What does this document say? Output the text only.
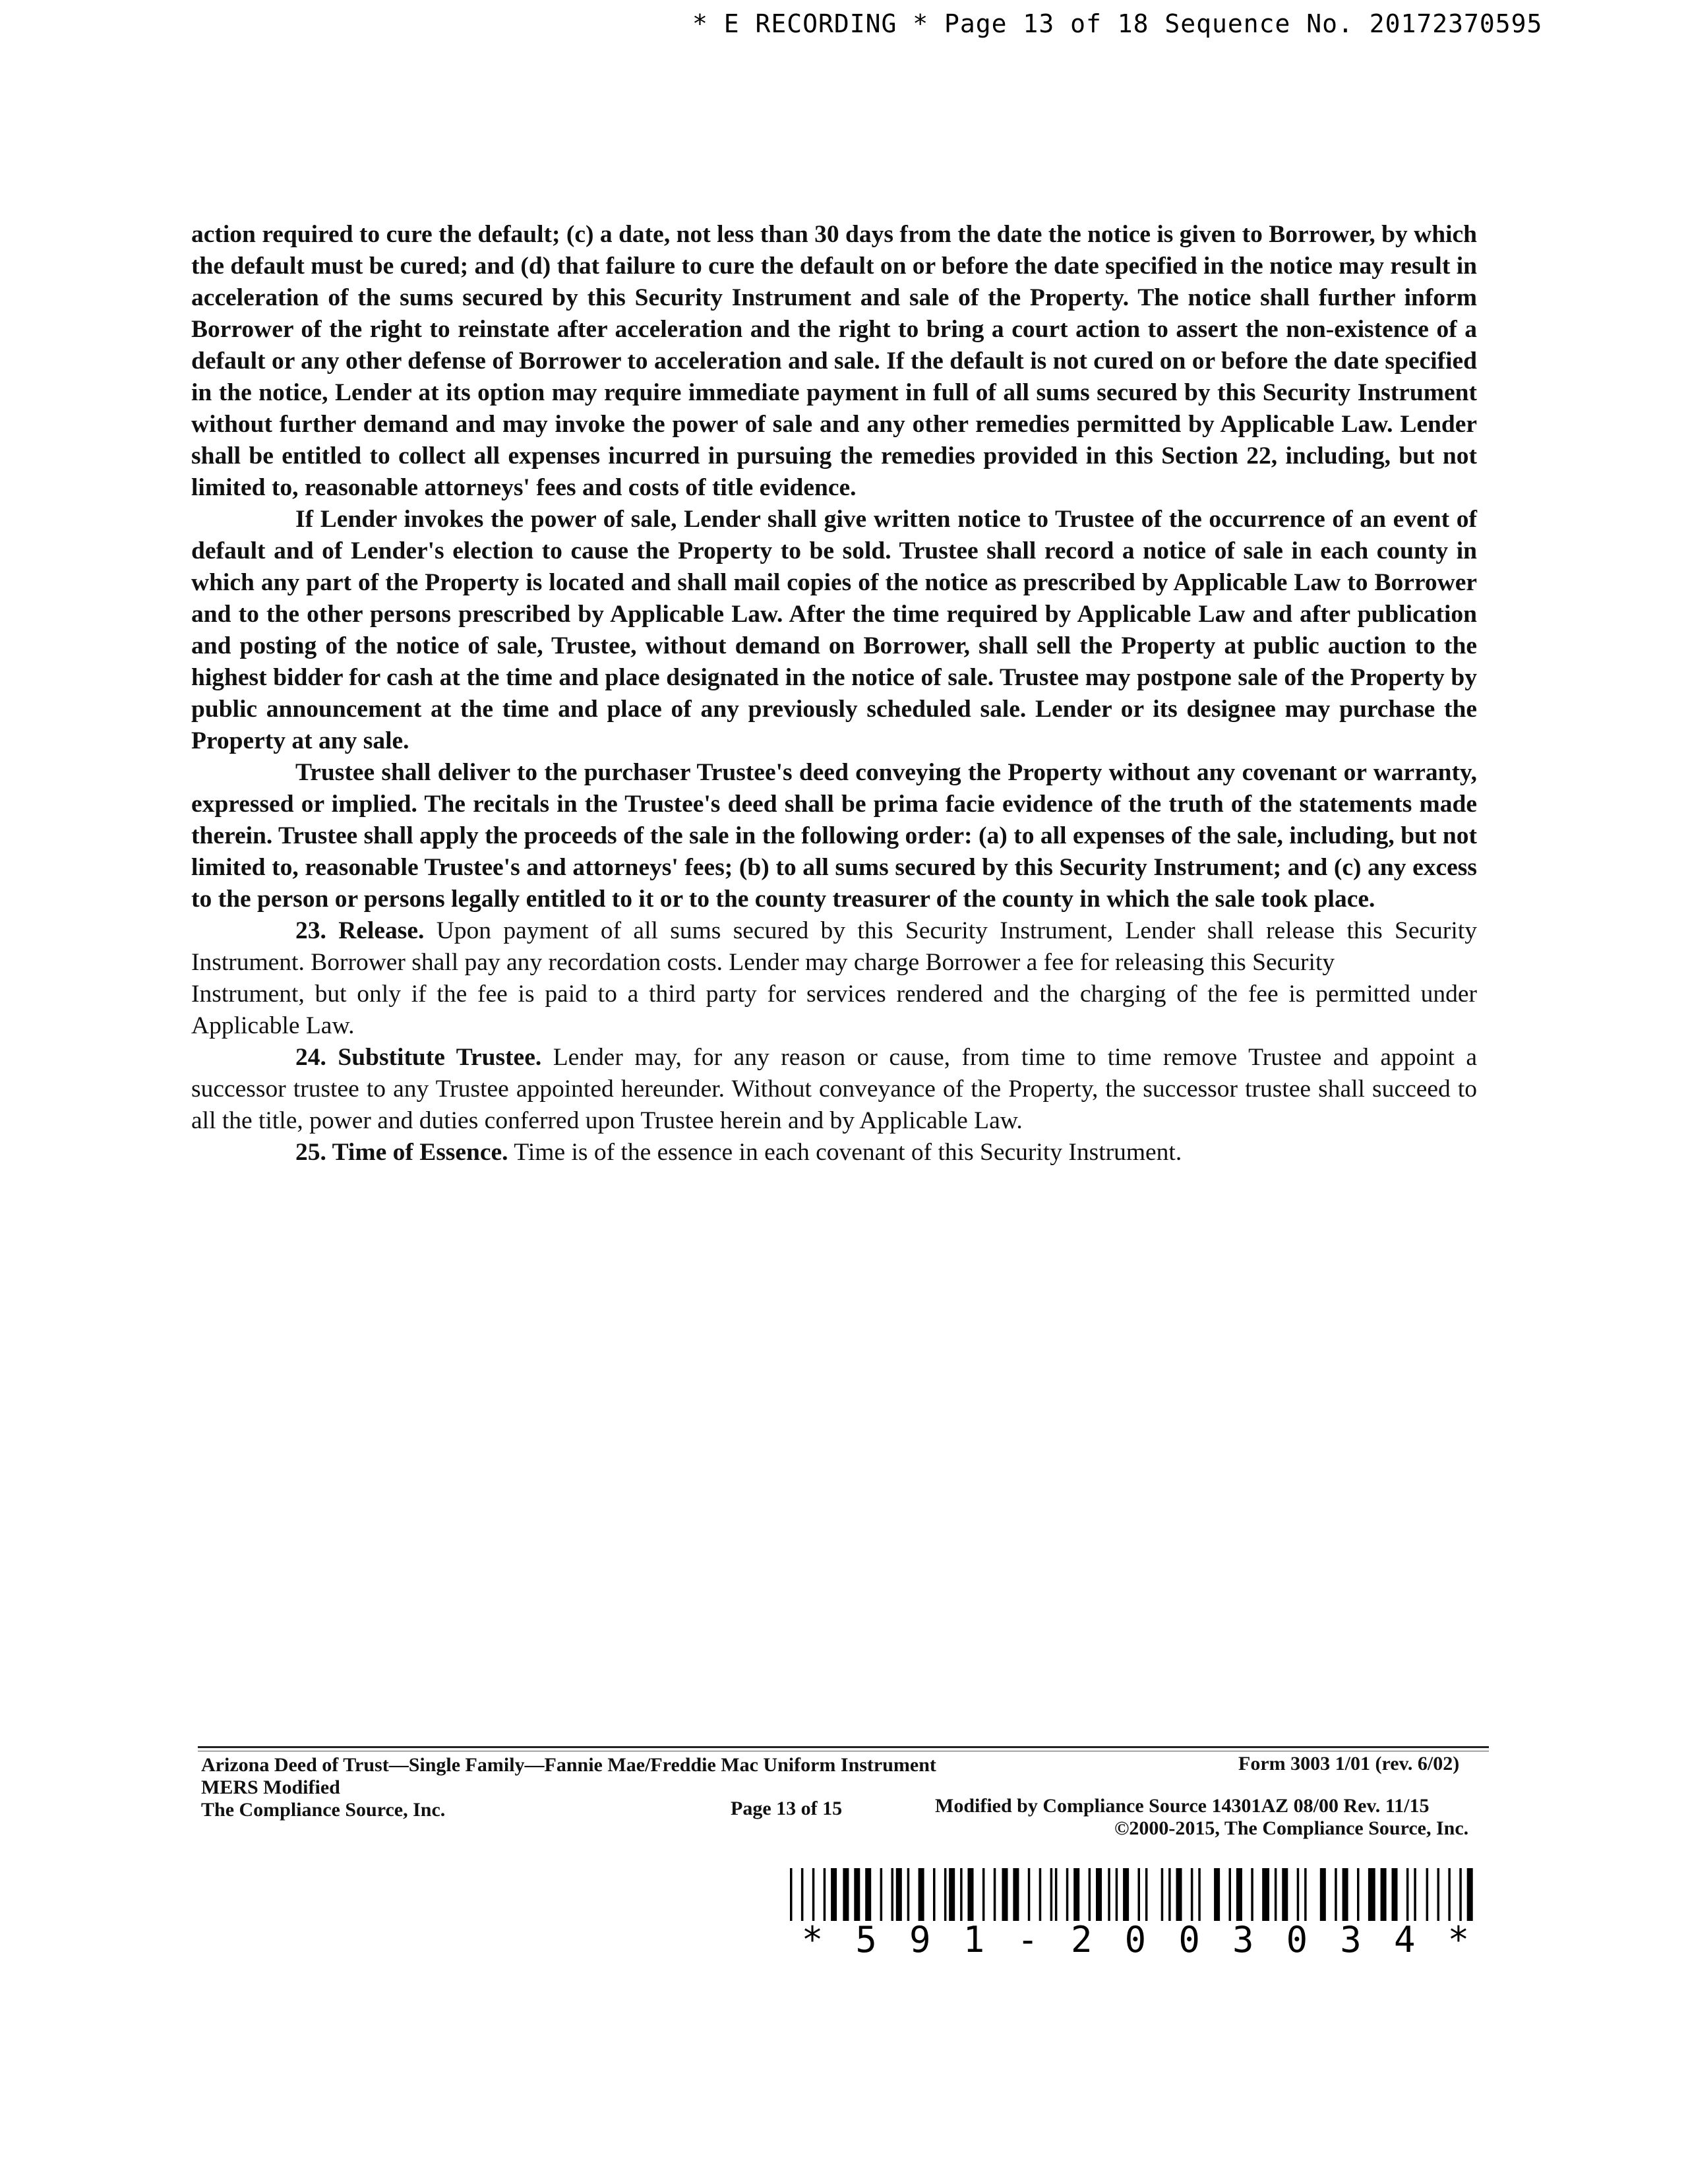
* E RECORDING * Page 13 of 18 Sequence No. 20172370595

action required to cure the default; (c) a date, not less than 30 days from the date the notice is given to Borrower, by which the default must be cured; and (d) that failure to cure the default on or before the date specified in the notice may result in acceleration of the sums secured by this Security Instrument and sale of the Property. The notice shall further inform Borrower of the right to reinstate after acceleration and the right to bring a court action to assert the non-existence of a default or any other defense of Borrower to acceleration and sale. If the default is not cured on or before the date specified in the notice, Lender at its option may require immediate payment in full of all sums secured by this Security Instrument without further demand and may invoke the power of sale and any other remedies permitted by Applicable Law. Lender shall be entitled to collect all expenses incurred in pursuing the remedies provided in this Section 22, including, but not limited to, reasonable attorneys' fees and costs of title evidence.

If Lender invokes the power of sale, Lender shall give written notice to Trustee of the occurrence of an event of default and of Lender's election to cause the Property to be sold. Trustee shall record a notice of sale in each county in which any part of the Property is located and shall mail copies of the notice as prescribed by Applicable Law to Borrower and to the other persons prescribed by Applicable Law. After the time required by Applicable Law and after publication and posting of the notice of sale, Trustee, without demand on Borrower, shall sell the Property at public auction to the highest bidder for cash at the time and place designated in the notice of sale. Trustee may postpone sale of the Property by public announcement at the time and place of any previously scheduled sale. Lender or its designee may purchase the Property at any sale.

Trustee shall deliver to the purchaser Trustee's deed conveying the Property without any covenant or warranty, expressed or implied. The recitals in the Trustee's deed shall be prima facie evidence of the truth of the statements made therein. Trustee shall apply the proceeds of the sale in the following order: (a) to all expenses of the sale, including, but not limited to, reasonable Trustee's and attorneys' fees; (b) to all sums secured by this Security Instrument; and (c) any excess to the person or persons legally entitled to it or to the county treasurer of the county in which the sale took place.

23. Release. Upon payment of all sums secured by this Security Instrument, Lender shall release this Security Instrument. Borrower shall pay any recordation costs. Lender may charge Borrower a fee for releasing this Security

Instrument, but only if the fee is paid to a third party for services rendered and the charging of the fee is permitted under Applicable Law.

24. Substitute Trustee. Lender may, for any reason or cause, from time to time remove Trustee and appoint a successor trustee to any Trustee appointed hereunder. Without conveyance of the Property, the successor trustee shall succeed to all the title, power and duties conferred upon Trustee herein and by Applicable Law.

25. Time of Essence. Time is of the essence in each covenant of this Security Instrument.

Arizona Deed of Trust—Single Family—Fannie Mae/Freddie Mac Uniform Instrument	Form 3003 1/01 (rev. 6/02)
MERS Modified
The Compliance Source, Inc.	Page 13 of 15	Modified by Compliance Source 14301AZ 08/00 Rev. 11/15
©2000-2015, The Compliance Source, Inc.
* 5 9 1 - 2 0 0 3 0 3 4 *
